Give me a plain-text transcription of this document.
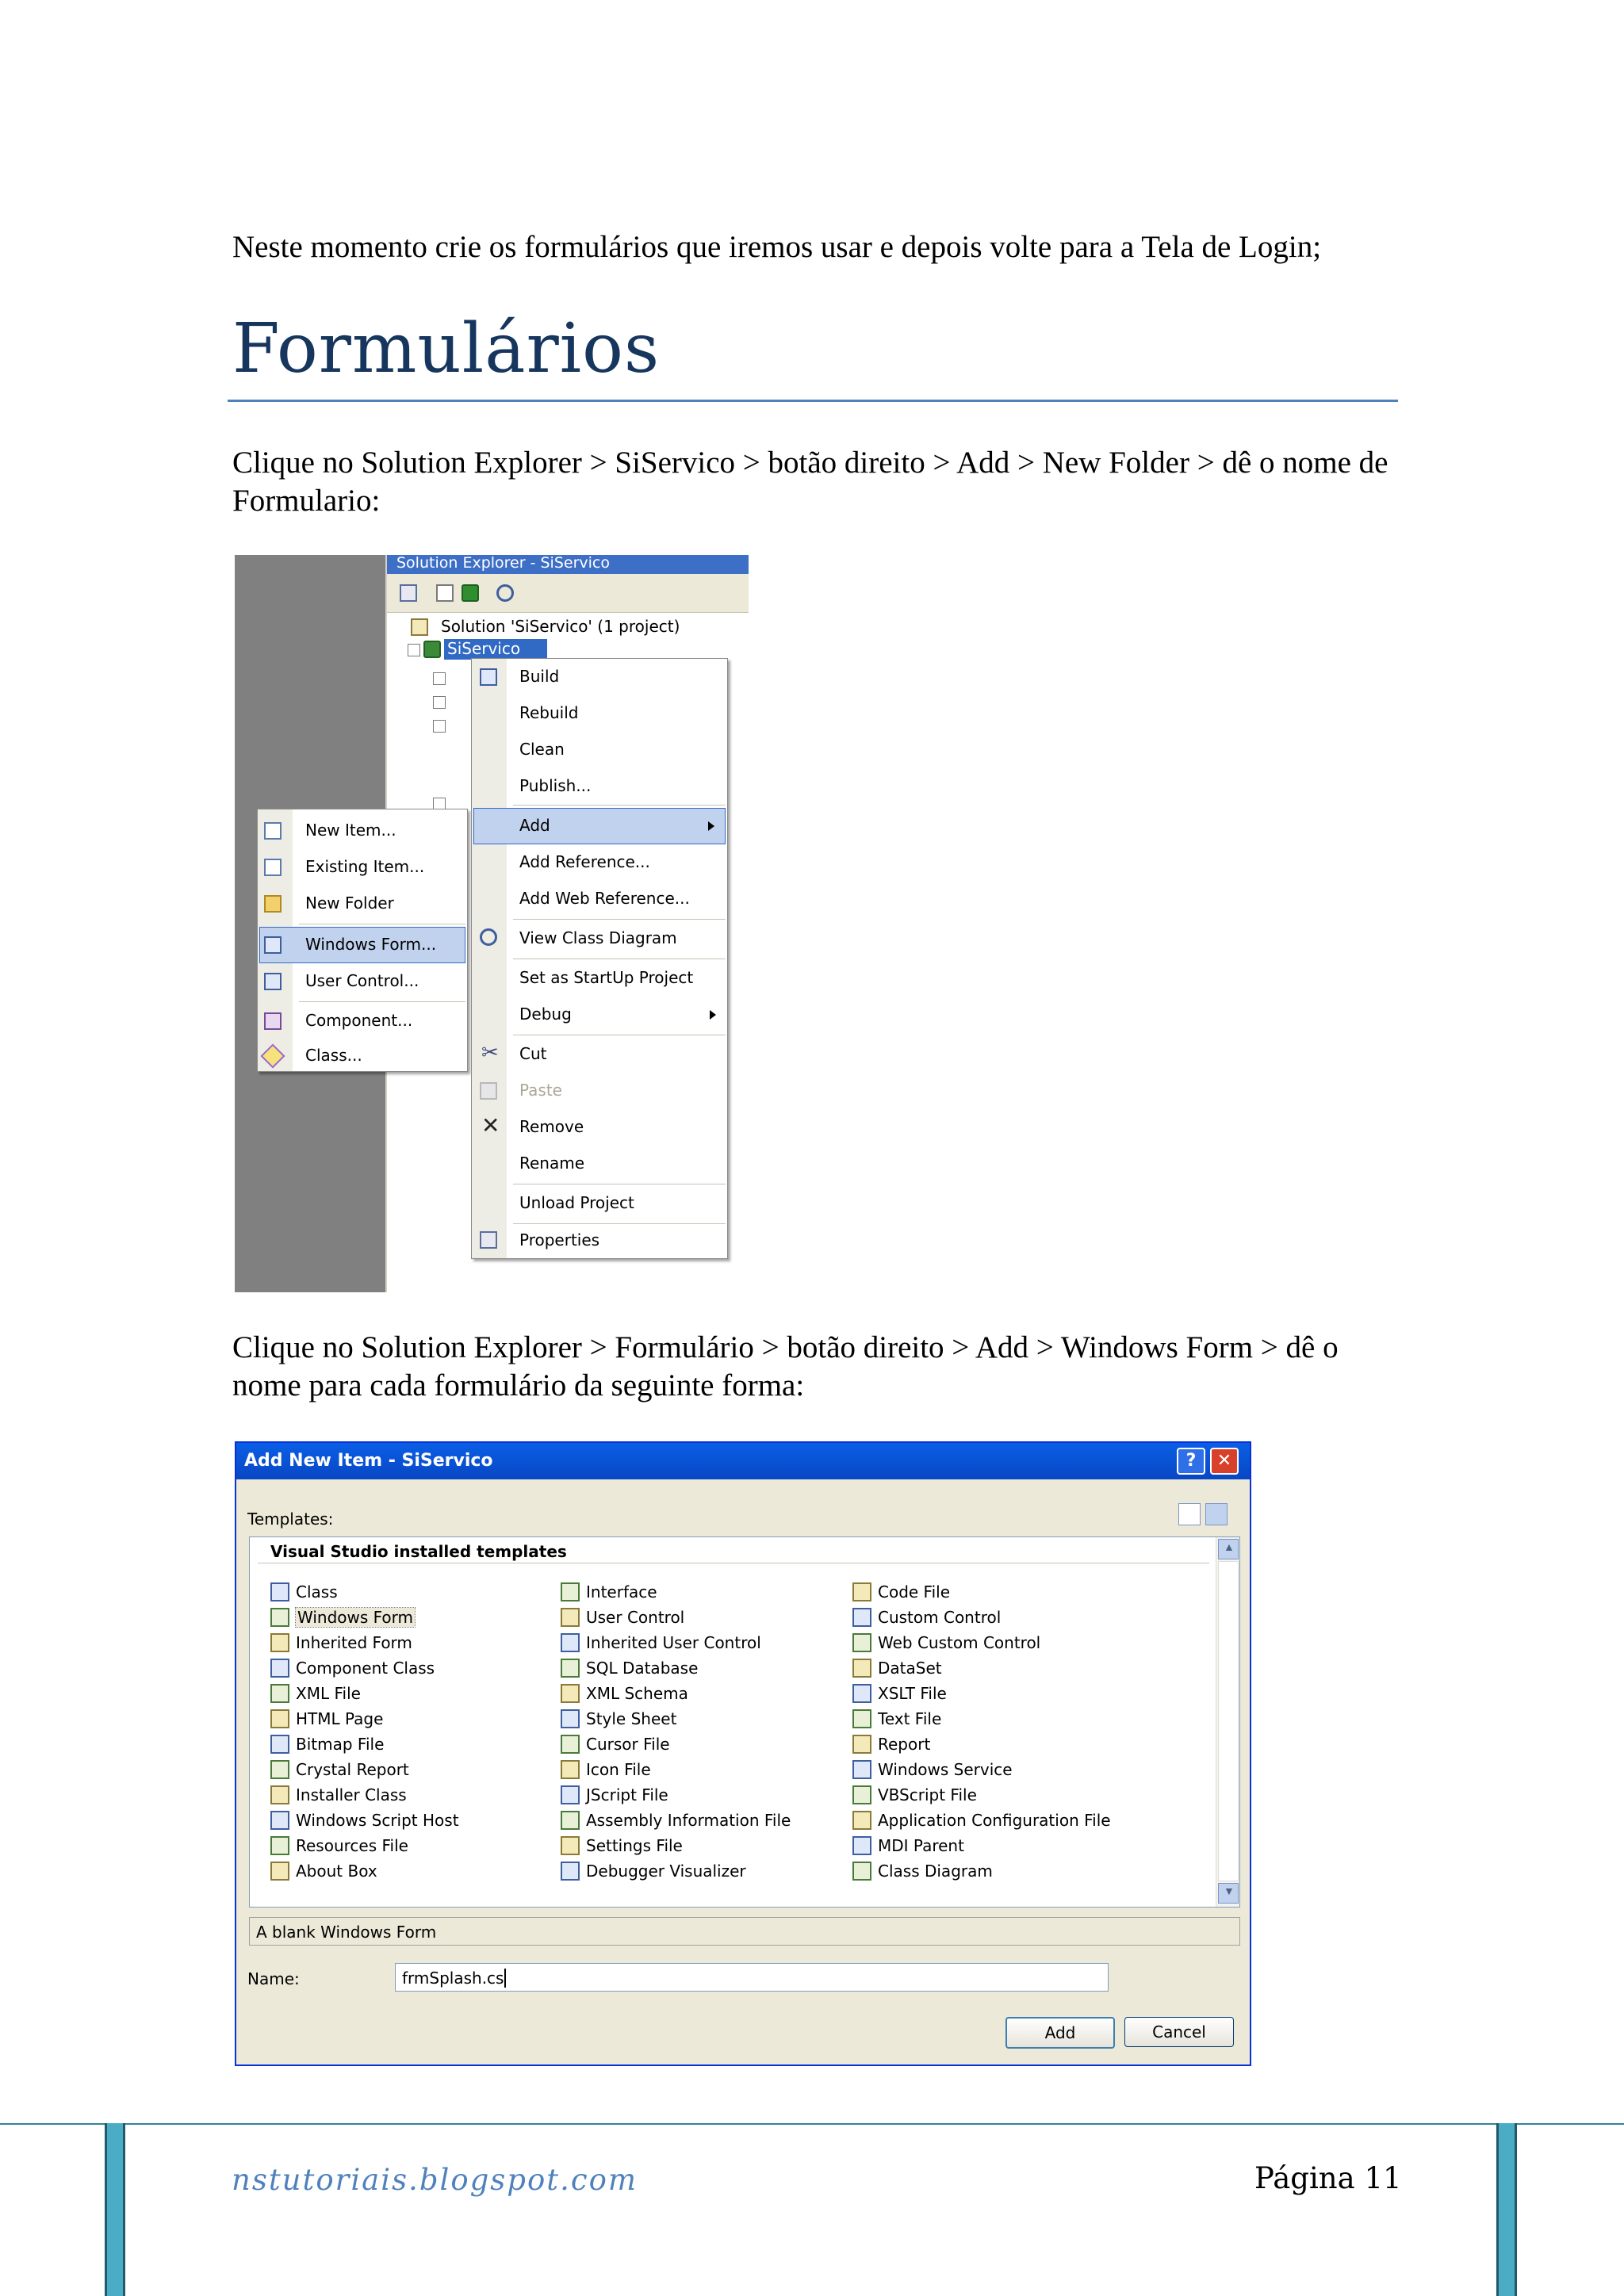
Neste momento crie os formulários que iremos usar e depois volte para a Tela de Login;

Formulários

Clique no Solution Explorer > SiServico > botão direito > Add > New Folder > dê o nome de Formulario:

Solution Explorer - SiServico
Solution 'SiServico' (1 project)
SiServico
New Item...
Existing Item...
New Folder
Windows Form...
User Control...
Component...
Class...
Build
Rebuild
Clean
Publish...
Add
Add Reference...
Add Web Reference...
View Class Diagram
Set as StartUp Project
Debug
✂ Cut
Paste
✕ Remove
Rename
Unload Project
Properties

Clique no Solution Explorer > Formulário > botão direito > Add > Windows Form > dê o nome para cada formulário da seguinte forma:

Add New Item - SiServico	?	✕
Templates:
Visual Studio installed templates
Class
Windows Form
Inherited Form
Component Class
XML File
HTML Page
Bitmap File
Crystal Report
Installer Class
Windows Script Host
Resources File
About Box
Interface
User Control
Inherited User Control
SQL Database
XML Schema
Style Sheet
Cursor File
Icon File
JScript File
Assembly Information File
Settings File
Debugger Visualizer
Code File
Custom Control
Web Custom Control
DataSet
XSLT File
Text File
Report
Windows Service
VBScript File
Application Configuration File
MDI Parent
Class Diagram
▲
▼
A blank Windows Form
Name:	frmSplash.cs
Add	Cancel
nstutoriais.blogspot.com	Página 11
